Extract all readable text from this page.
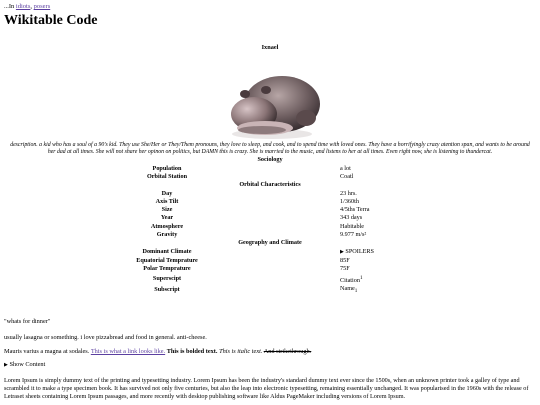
...In idiots, posers
Wikitable Code
Ixnael
description. a kid who has a soul of a 90's kid. They use She/Her or They/Them pronouns, they love to sleep, and cook, and to spend time with loved ones. They have a horrifyingly crazy atention span, and wants to be around her dad at all times. She will not share her opinon on politics, but DAMN this is crazy. She is married to the music, and listens to her at all times. Even right now, she is listening to thundercat.
Sociology	
Population	a lot
Orbital Station	Coatl
Orbital Characteristics	
Day	23 hrs.
Axis Tilt	1/360th
Size	4/5ths Terra
Year	343 days
Atmosphere	Habitable
Gravity	9.977 m/s²
Geography and Climate	
Dominant Climate	▶ SPOILERS
Equatorial Temprature	85F
Polar Temprature	75F
Superscipt	Citation$^1$
Subscript	Name$_1$
"whats for dinner"
usually lasagna or something. i love pizzabread and food in general. anti-cheese.
Mauris varius a magna at sodales. This is what a link looks like. This is bolded text. This is italic text. And strikethrough.
▶ Show Content
Lorem Ipsum is simply dummy text of the printing and typesetting industry. Lorem Ipsum has been the industry's standard dummy text ever since the 1500s, when an unknown printer took a galley of type and scrambled it to make a type specimen book. It has survived not only five centuries, but also the leap into electronic typesetting, remaining essentially unchanged. It was popularised in the 1960s with the release of Letraset sheets containing Lorem Ipsum passages, and more recently with desktop publishing software like Aldus PageMaker including versions of Lorem Ipsum.
